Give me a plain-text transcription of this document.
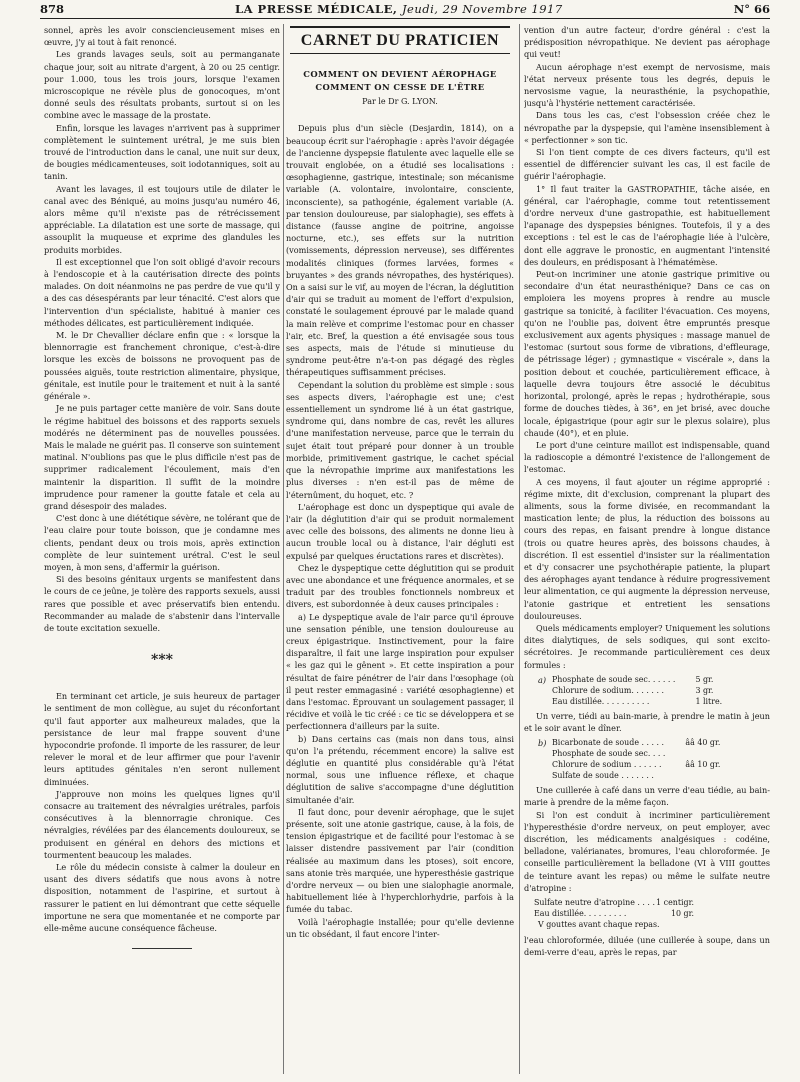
878	LA PRESSE MÉDICALE, Jeudi, 29 Novembre 1917	N° 66

sonnel, après les avoir consciencieusement mises en œuvre, j'y ai tout à fait renoncé.

Les grands lavages seuls, soit au permanganate chaque jour, soit au nitrate d'argent, à 20 ou 25 centigr. pour 1.000, tous les trois jours, lorsque l'examen microscopique ne révèle plus de gonocoques, m'ont donné seuls des résultats probants, surtout si on les combine avec le massage de la prostate.

Enfin, lorsque les lavages n'arrivent pas à supprimer complètement le suintement urétral, je me suis bien trouvé de l'introduction dans le canal, une nuit sur deux, de bougies médicamenteuses, soit iodotanniques, soit au tanin.

Avant les lavages, il est toujours utile de dilater le canal avec des Béniqué, au moins jusqu'au numéro 46, alors même qu'il n'existe pas de rétrécissement appréciable. La dilatation est une sorte de massage, qui assouplit la muqueuse et exprime des glandules les produits morbides.

Il est exceptionnel que l'on soit obligé d'avoir recours à l'endoscopie et à la cautérisation directe des points malades. On doit néanmoins ne pas perdre de vue qu'il y a des cas désespérants par leur ténacité. C'est alors que l'intervention d'un spécialiste, habitué à manier ces méthodes délicates, est particulièrement indiquée.

M. le Dr Chevallier déclare enfin que : « lorsque la blennorragie est franchement chronique, c'est-à-dire lorsque les excès de boissons ne provoquent pas de poussées aiguës, toute restriction alimentaire, physique, génitale, est inutile pour le traitement et nuit à la santé générale ».

Je ne puis partager cette manière de voir. Sans doute le régime habituel des boissons et des rapports sexuels modérés ne déterminent pas de nouvelles poussées. Mais le malade ne guérit pas. Il conserve son suintement matinal. N'oublions pas que le plus difficile n'est pas de supprimer radicalement l'écoulement, mais d'en maintenir la disparition. Il suffit de la moindre imprudence pour ramener la goutte fatale et cela au grand désespoir des malades.

C'est donc à une diététique sévère, ne tolérant que de l'eau claire pour toute boisson, que je condamne mes clients, pendant deux ou trois mois, après extinction complète de leur suintement urétral. C'est le seul moyen, à mon sens, d'affermir la guérison.

Si des besoins génitaux urgents se manifestent dans le cours de ce jeûne, je tolère des rapports sexuels, aussi rares que possible et avec préservatifs bien entendu. Recommander au malade de s'abstenir dans l'intervalle de toute excitation sexuelle.

***

En terminant cet article, je suis heureux de partager le sentiment de mon collègue, au sujet du réconfortant qu'il faut apporter aux malheureux malades, que la persistance de leur mal frappe souvent d'une hypocondrie profonde. Il importe de les rassurer, de leur relever le moral et de leur affirmer que pour l'avenir leurs aptitudes génitales n'en seront nullement diminuées.

J'approuve non moins les quelques lignes qu'il consacre au traitement des névralgies urétrales, parfois consécutives à la blennorragie chronique. Ces névralgies, révélées par des élancements douloureux, se produisent en général en dehors des mictions et tourmentent beaucoup les malades.

Le rôle du médecin consiste à calmer la douleur en usant des divers sédatifs que nous avons à notre disposition, notamment de l'aspirine, et surtout à rassurer le patient en lui démontrant que cette séquelle importune ne sera que momentanée et ne comporte par elle-même aucune conséquence fâcheuse.

CARNET DU PRATICIEN
COMMENT ON DEVIENT AÉROPHAGE
COMMENT ON CESSE DE L'ÊTRE
Par le Dr G. LYON.

Depuis plus d'un siècle (Desjardin, 1814), on a beaucoup écrit sur l'aérophagie : après l'avoir dégagée de l'ancienne dyspepsie flatulente avec laquelle elle se trouvait englobée, on a étudié ses localisations : œsophagienne, gastrique, intestinale; son mécanisme variable (A. volontaire, involontaire, consciente, inconsciente), sa pathogénie, également variable (A. par tension douloureuse, par sialophagie), ses effets à distance (fausse angine de poitrine, angoisse nocturne, etc.), ses effets sur la nutrition (vomissements, dépression nerveuse), ses différentes modalités cliniques (formes larvées, formes « bruyantes » des grands névropathes, des hystériques). On a saisi sur le vif, au moyen de l'écran, la déglutition d'air qui se traduit au moment de l'effort d'expulsion, constaté le soulagement éprouvé par le malade quand la main relève et comprime l'estomac pour en chasser l'air, etc. Bref, la question a été envisagée sous tous ses aspects, mais de l'étude si minutieuse du syndrome peut-être n'a-t-on pas dégagé des règles thérapeutiques suffisamment précises.

Cependant la solution du problème est simple : sous ses aspects divers, l'aérophagie est une; c'est essentiellement un syndrome lié à un état gastrique, syndrome qui, dans nombre de cas, revêt les allures d'une manifestation nerveuse, parce que le terrain du sujet était tout préparé pour donner à un trouble morbide, primitivement gastrique, le cachet spécial que la névropathie imprime aux manifestations les plus diverses : n'en est-il pas de même de l'éternûment, du hoquet, etc. ?

L'aérophage est donc un dyspeptique qui avale de l'air (la déglutition d'air qui se produit normalement avec celle des boissons, des aliments ne donne lieu à aucun trouble local ou à distance, l'air dégluti est expulsé par quelques éructations rares et discrètes).

Chez le dyspeptique cette déglutition qui se produit avec une abondance et une fréquence anormales, et se traduit par des troubles fonctionnels nombreux et divers, est subordonnée à deux causes principales :

a) Le dyspeptique avale de l'air parce qu'il éprouve une sensation pénible, une tension douloureuse au creux épigastrique. Instinctivement, pour la faire disparaître, il fait une large inspiration pour expulser « les gaz qui le gênent ». Et cette inspiration a pour résultat de faire pénétrer de l'air dans l'œsophage (où il peut rester emmagasiné : variété œsophagienne) et dans l'estomac. Éprouvant un soulagement passager, il récidive et voilà le tic créé : ce tic se développera et se perfectionnera d'ailleurs par la suite.

b) Dans certains cas (mais non dans tous, ainsi qu'on l'a prétendu, récemment encore) la salive est déglutie en quantité plus considérable qu'à l'état normal, sous une influence réflexe, et chaque déglutition de salive s'accompagne d'une déglutition simultanée d'air.

Il faut donc, pour devenir aérophage, que le sujet présente, soit une atonie gastrique, cause, à la fois, de tension épigastrique et de facilité pour l'estomac à se laisser distendre passivement par l'air (condition réalisée au maximum dans les ptoses), soit encore, sans atonie très marquée, une hyperesthésie gastrique d'ordre nerveux — ou bien une sialophagie anormale, habituellement liée à l'hyperchlorhydrie, parfois à la fumée du tabac.

Voilà l'aérophagie installée; pour qu'elle devienne un tic obsédant, il faut encore l'inter-

vention d'un autre facteur, d'ordre général : c'est la prédisposition névropathique. Ne devient pas aérophage qui veut!

Aucun aérophage n'est exempt de nervosisme, mais l'état nerveux présente tous les degrés, depuis le nervosisme vague, la neurasthénie, la psychopathie, jusqu'à l'hystérie nettement caractérisée.

Dans tous les cas, c'est l'obsession créée chez le névropathe par la dyspepsie, qui l'amène insensiblement à « perfectionner » son tic.

Si l'on tient compte de ces divers facteurs, qu'il est essentiel de différencier suivant les cas, il est facile de guérir l'aérophagie.

1° Il faut traiter la GASTROPATHIE, tâche aisée, en général, car l'aérophagie, comme tout retentissement d'ordre nerveux d'une gastropathie, est habituellement l'apanage des dyspepsies bénignes. Toutefois, il y a des exceptions : tel est le cas de l'aérophagie liée à l'ulcère, dont elle aggrave le pronostic, en augmentant l'intensité des douleurs, en prédisposant à l'hématémèse.

Peut-on incriminer une atonie gastrique primitive ou secondaire d'un état neurasthénique? Dans ce cas on emploiera les moyens propres à rendre au muscle gastrique sa tonicité, à faciliter l'évacuation. Ces moyens, qu'on ne l'oublie pas, doivent être empruntés presque exclusivement aux agents physiques : massage manuel de l'estomac (surtout sous forme de vibrations, d'effleurage, de pétrissage léger) ; gymnastique « viscérale », dans la position debout et couchée, particulièrement efficace, à laquelle devra toujours être associé le décubitus horizontal, prolongé, après le repas ; hydrothérapie, sous forme de douches tièdes, à 36°, en jet brisé, avec douche locale, épigastrique (pour agir sur le plexus solaire), plus chaude (40°), et en pluie.

Le port d'une ceinture maillot est indispensable, quand la radioscopie a démontré l'existence de l'allongement de l'estomac.

A ces moyens, il faut ajouter un régime approprié : régime mixte, dit d'exclusion, comprenant la plupart des aliments, sous la forme divisée, en recommandant la mastication lente; de plus, la réduction des boissons au cours des repas, en faisant prendre à longue distance (trois ou quatre heures après, des boissons chaudes, à discrétion. Il est essentiel d'insister sur la réalimentation et d'y consacrer une psychothérapie patiente, la plupart des aérophages ayant tendance à réduire progressivement leur alimentation, ce qui augmente la dépression nerveuse, l'atonie gastrique et entretient les sensations douloureuses.

Quels médicaments employer? Uniquement les solutions dites dialytiques, de sels sodiques, qui sont excito-sécrétoires. Je recommande particulièrement ces deux formules :

a) Phosphate de soude sec. . . . . .	5 gr.
Chlorure de sodium. . . . . . .	3 gr.
Eau distillée. . . . . . . . . .	1 litre.

Un verre, tiédi au bain-marie, à prendre le matin à jeun et le soir avant le dîner.

b) Bicarbonate de soude . . . . .	ââ 40 gr.
Phosphate de soude sec. . . .	
Chlorure de sodium . . . . . .	ââ 10 gr.
Sulfate de soude . . . . . . .	

Une cuillerée à café dans un verre d'eau tiédie, au bain-marie à prendre de la même façon.

Si l'on est conduit à incriminer particulièrement l'hyperesthésie d'ordre nerveux, on peut employer, avec discrétion, les médicaments analgésiques : codéine, belladone, valérianates, bromures, l'eau chloroformée. Je conseille particulièrement la belladone (VI à VIII gouttes de teinture avant les repas) ou même le sulfate neutre d'atropine :

Sulfate neutre d'atropine . . . . 1 centigr.
Eau distillée. . . . . . . . .	10 gr.
V gouttes avant chaque repas.

l'eau chloroformée, diluée (une cuillerée à soupe, dans un demi-verre d'eau, après le repas, par
